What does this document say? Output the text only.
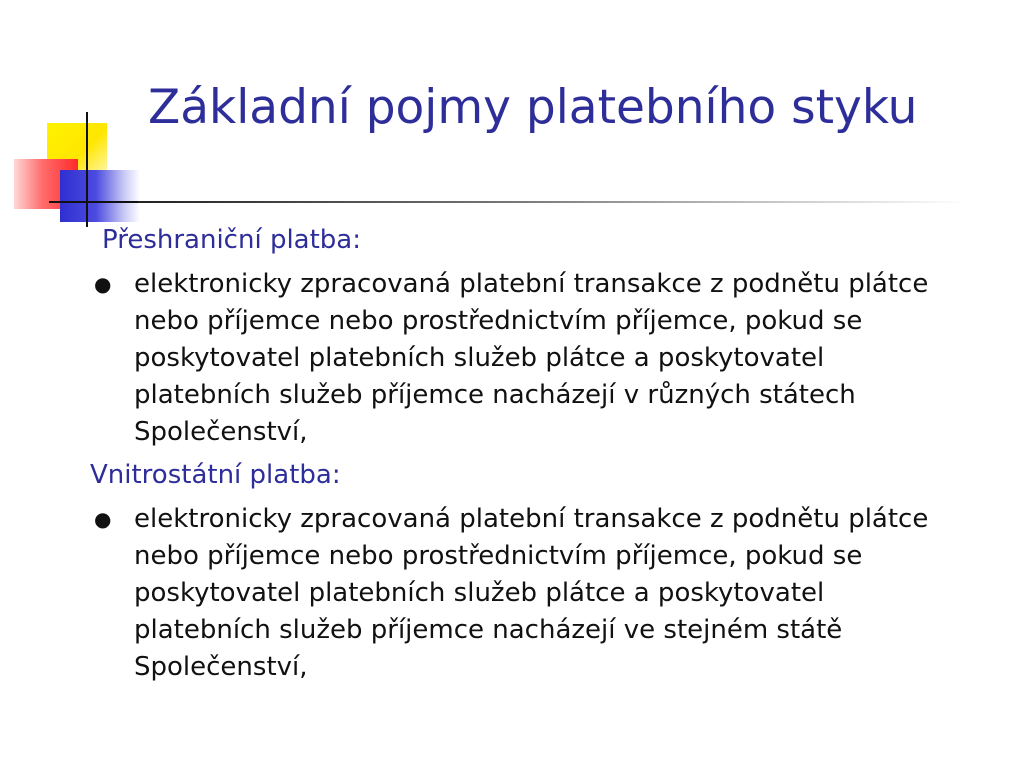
Základní pojmy platebního styku

Přeshraniční platba:

● elektronicky zpracovaná platební transakce z podnětu plátce nebo příjemce nebo prostřednictvím příjemce, pokud se poskytovatel platebních služeb plátce a poskytovatel platebních služeb příjemce nacházejí v různých státech Společenství,

Vnitrostátní platba:

● elektronicky zpracovaná platební transakce z podnětu plátce nebo příjemce nebo prostřednictvím příjemce, pokud se poskytovatel platebních služeb plátce a poskytovatel platebních služeb příjemce nacházejí ve stejném státě Společenství,
